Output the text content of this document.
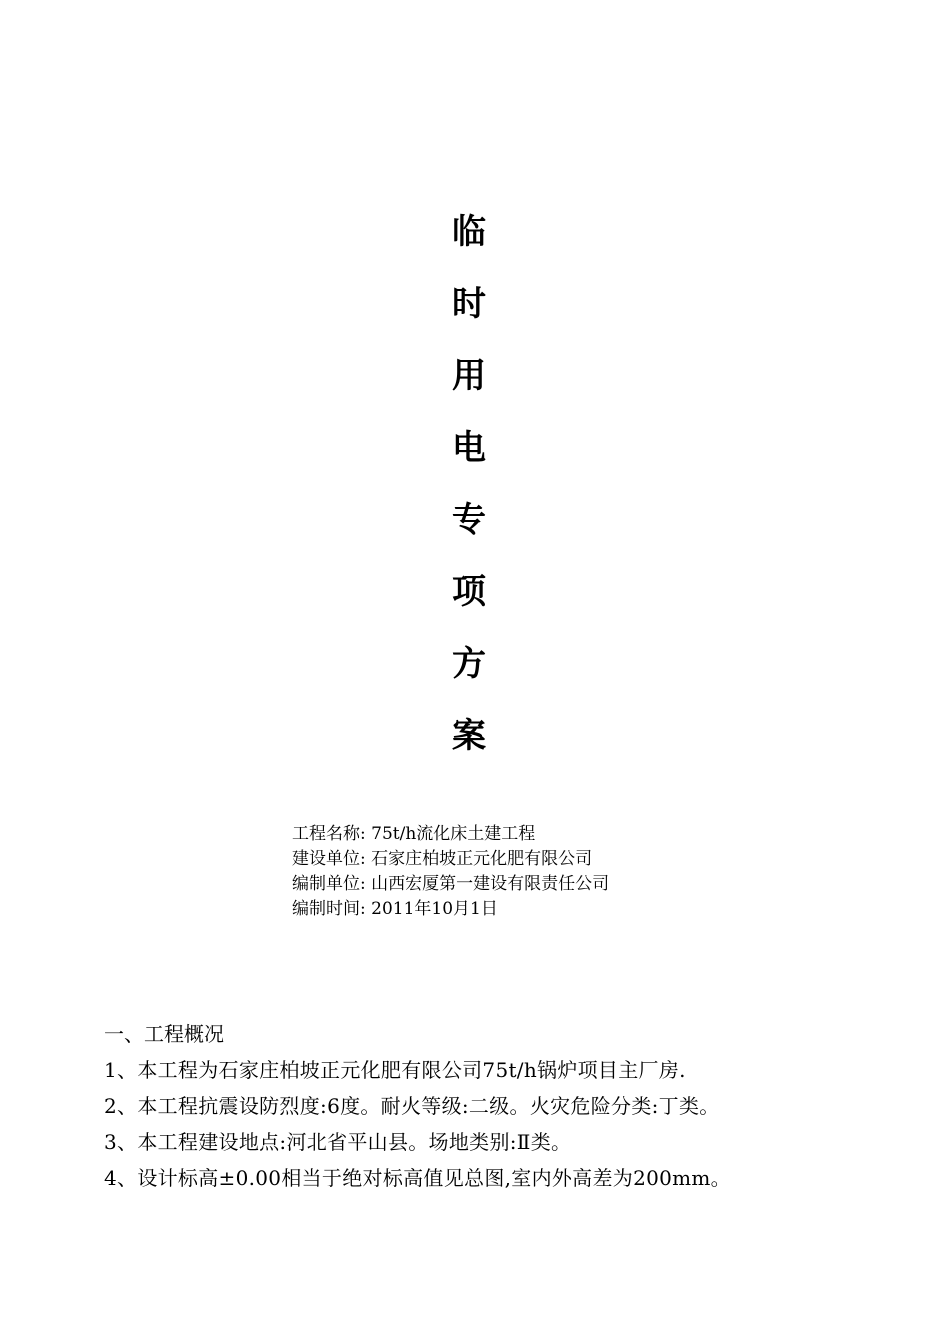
临
时
用
电
专
项
方
案
工程名称: 75t/h流化床土建工程
建设单位: 石家庄柏坡正元化肥有限公司
编制单位: 山西宏厦第一建设有限责任公司
编制时间: 2011年10月1日
一、工程概况
1、本工程为石家庄柏坡正元化肥有限公司75t/h锅炉项目主厂房.
2、本工程抗震设防烈度:6度。耐火等级:二级。火灾危险分类:丁类。
3、本工程建设地点:河北省平山县。场地类别:Ⅱ类。
4、设计标高±0.00相当于绝对标高值见总图,室内外高差为200mm。
